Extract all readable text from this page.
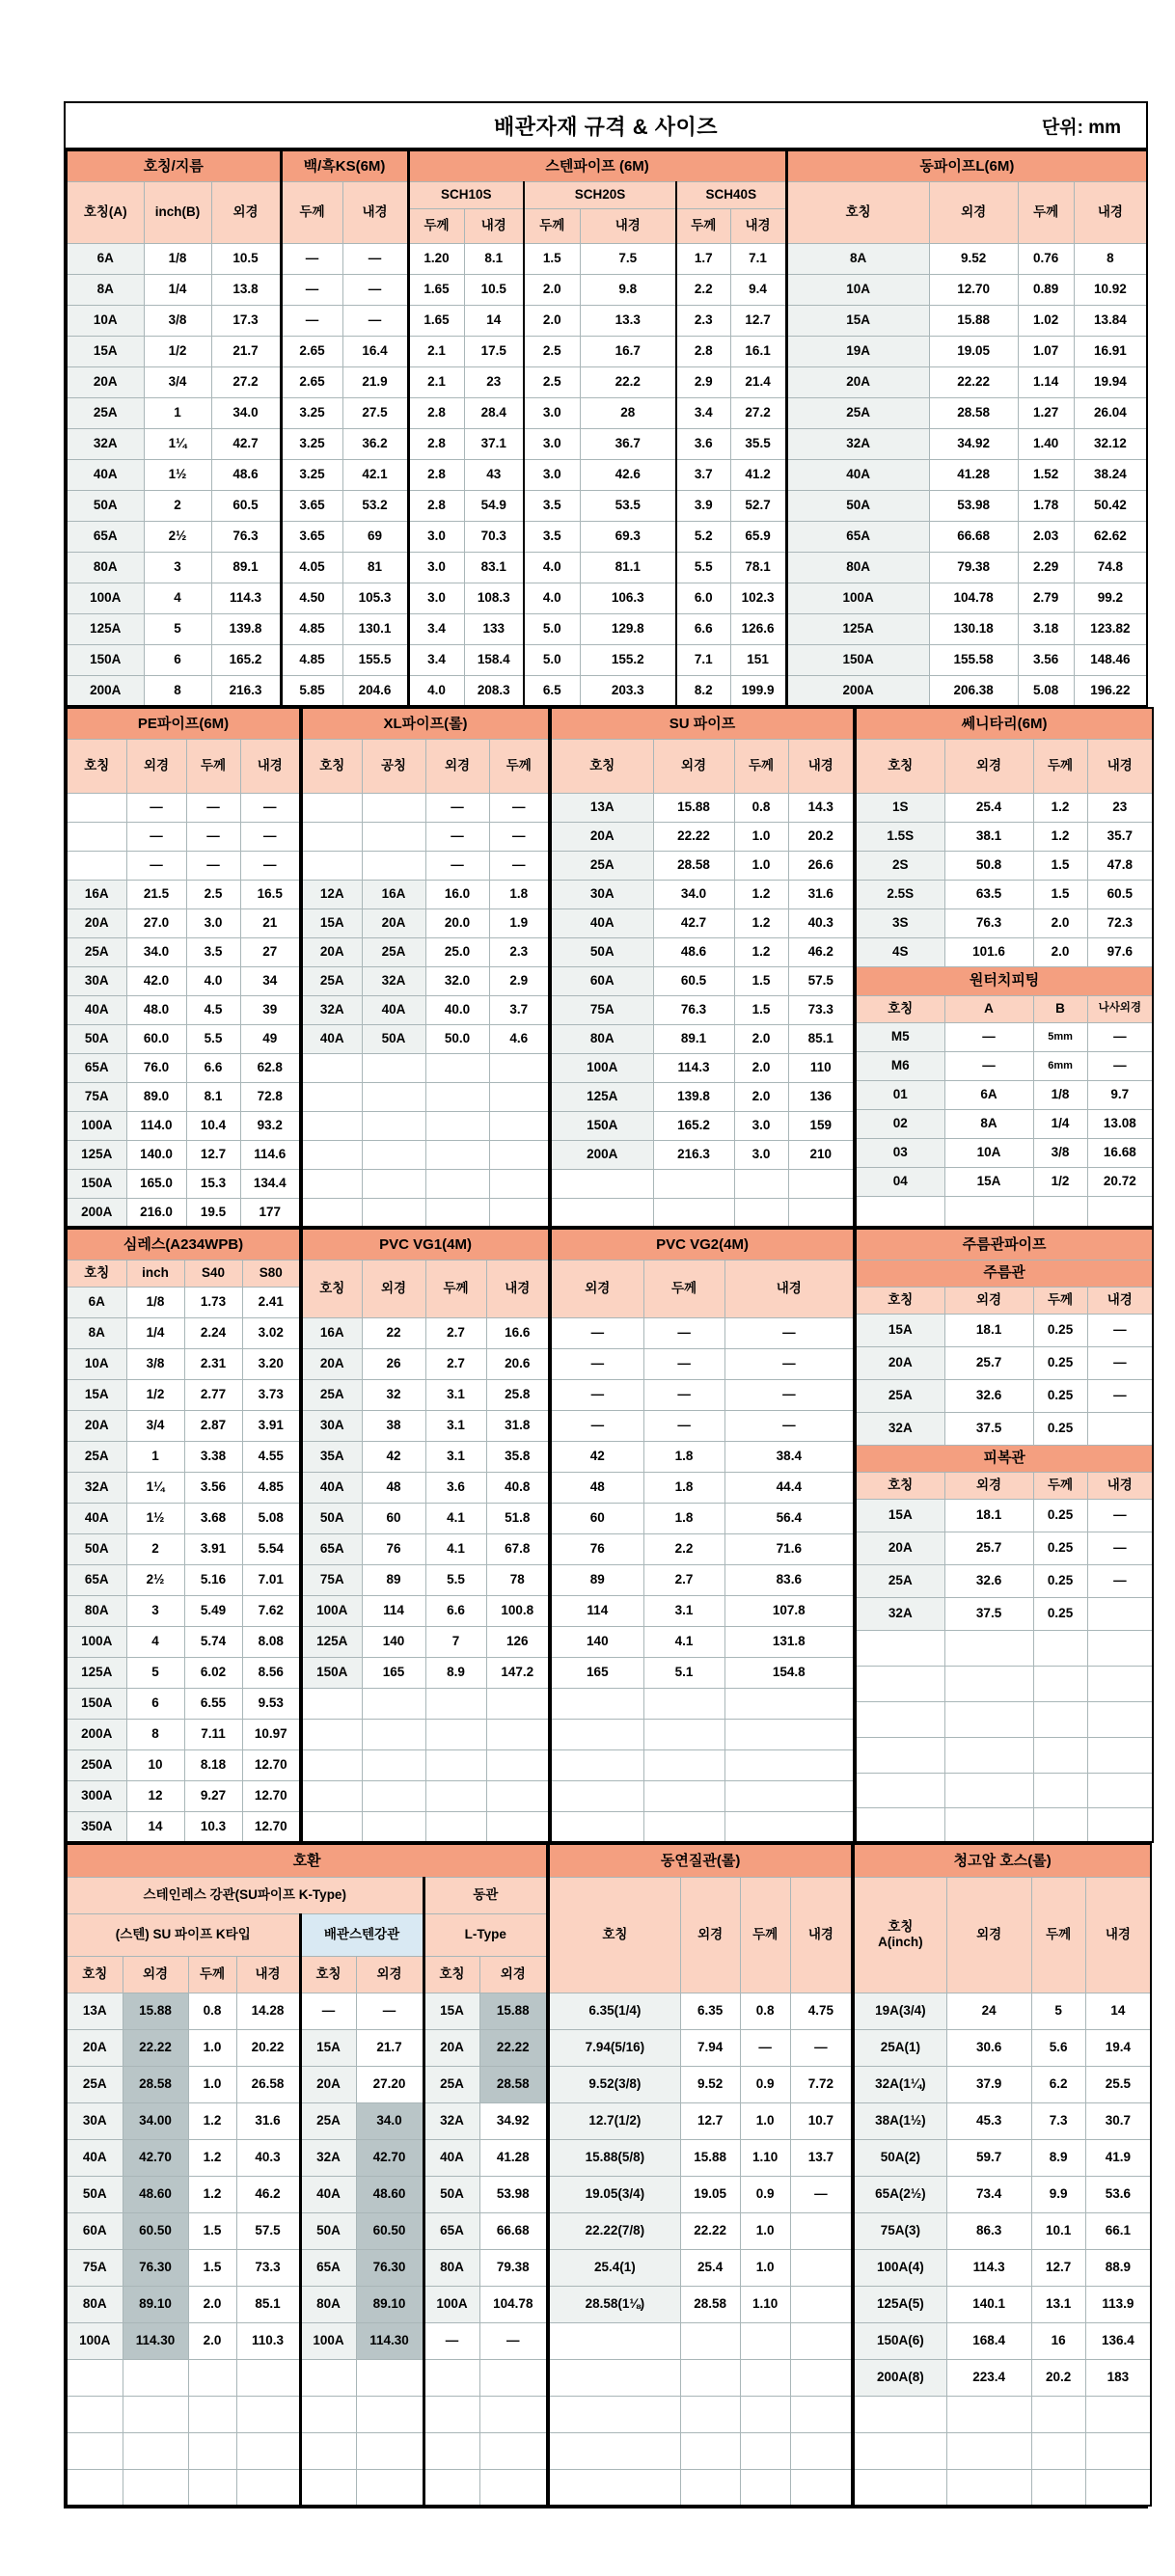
배관자재 규격 & 사이즈	단위: mm
호칭/지름			백/흑KS(6M)		스텐파이프 (6M)						동파이프L(6M)			
호칭(A)	inch(B)	외경	두께	내경	SCH10S		SCH20S		SCH40S		호칭	외경	두께	내경
					두께	내경	두께	내경	두께	내경				
6A	1/8	10.5	—	—	1.20	8.1	1.5	7.5	1.7	7.1	8A	9.52	0.76	8
8A	1/4	13.8	—	—	1.65	10.5	2.0	9.8	2.2	9.4	10A	12.70	0.89	10.92
10A	3/8	17.3	—	—	1.65	14	2.0	13.3	2.3	12.7	15A	15.88	1.02	13.84
15A	1/2	21.7	2.65	16.4	2.1	17.5	2.5	16.7	2.8	16.1	19A	19.05	1.07	16.91
20A	3/4	27.2	2.65	21.9	2.1	23	2.5	22.2	2.9	21.4	20A	22.22	1.14	19.94
25A	1	34.0	3.25	27.5	2.8	28.4	3.0	28	3.4	27.2	25A	28.58	1.27	26.04
32A	1¼	42.7	3.25	36.2	2.8	37.1	3.0	36.7	3.6	35.5	32A	34.92	1.40	32.12
40A	1½	48.6	3.25	42.1	2.8	43	3.0	42.6	3.7	41.2	40A	41.28	1.52	38.24
50A	2	60.5	3.65	53.2	2.8	54.9	3.5	53.5	3.9	52.7	50A	53.98	1.78	50.42
65A	2½	76.3	3.65	69	3.0	70.3	3.5	69.3	5.2	65.9	65A	66.68	2.03	62.62
80A	3	89.1	4.05	81	3.0	83.1	4.0	81.1	5.5	78.1	80A	79.38	2.29	74.8
100A	4	114.3	4.50	105.3	3.0	108.3	4.0	106.3	6.0	102.3	100A	104.78	2.79	99.2
125A	5	139.8	4.85	130.1	3.4	133	5.0	129.8	6.6	126.6	125A	130.18	3.18	123.82
150A	6	165.2	4.85	155.5	3.4	158.4	5.0	155.2	7.1	151	150A	155.58	3.56	148.46
200A	8	216.3	5.85	204.6	4.0	208.3	6.5	203.3	8.2	199.9	200A	206.38	5.08	196.22
PE파이프(6M)			
호칭	외경	두께	내경
	—	—	—
	—	—	—
	—	—	—
16A	21.5	2.5	16.5
20A	27.0	3.0	21
25A	34.0	3.5	27
30A	42.0	4.0	34
40A	48.0	4.5	39
50A	60.0	5.5	49
65A	76.0	6.6	62.8
75A	89.0	8.1	72.8
100A	114.0	10.4	93.2
125A	140.0	12.7	114.6
150A	165.0	15.3	134.4
200A	216.0	19.5	177
XL파이프(롤)			
호칭	공칭	외경	두께
		—	—
		—	—
		—	—
12A	16A	16.0	1.8
15A	20A	20.0	1.9
20A	25A	25.0	2.3
25A	32A	32.0	2.9
32A	40A	40.0	3.7
40A	50A	50.0	4.6

SU 파이프			
호칭	외경	두께	내경
13A	15.88	0.8	14.3
20A	22.22	1.0	20.2
25A	28.58	1.0	26.6
30A	34.0	1.2	31.6
40A	42.7	1.2	40.3
50A	48.6	1.2	46.2
60A	60.5	1.5	57.5
75A	76.3	1.5	73.3
80A	89.1	2.0	85.1
100A	114.3	2.0	110
125A	139.8	2.0	136
150A	165.2	3.0	159
200A	216.3	3.0	210

쎄니타리(6M)			
호칭	외경	두께	내경
1S	25.4	1.2	23
1.5S	38.1	1.2	35.7
2S	50.8	1.5	47.8
2.5S	63.5	1.5	60.5
3S	76.3	2.0	72.3
4S	101.6	2.0	97.6
원터치피팅			
호칭	A	B	나사외경
M5	—	5mm	—
M6	—	6mm	—
01	6A	1/8	9.7
02	8A	1/4	13.08
03	10A	3/8	16.68
04	15A	1/2	20.72

심레스(A234WPB)			
호칭	inch	S40	S80
6A	1/8	1.73	2.41
8A	1/4	2.24	3.02
10A	3/8	2.31	3.20
15A	1/2	2.77	3.73
20A	3/4	2.87	3.91
25A	1	3.38	4.55
32A	1¼	3.56	4.85
40A	1½	3.68	5.08
50A	2	3.91	5.54
65A	2½	5.16	7.01
80A	3	5.49	7.62
100A	4	5.74	8.08
125A	5	6.02	8.56
150A	6	6.55	9.53
200A	8	7.11	10.97
250A	10	8.18	12.70
300A	12	9.27	12.70
350A	14	10.3	12.70
PVC VG1(4M)			
호칭	외경	두께	내경
16A	22	2.7	16.6
20A	26	2.7	20.6
25A	32	3.1	25.8
30A	38	3.1	31.8
35A	42	3.1	35.8
40A	48	3.6	40.8
50A	60	4.1	51.8
65A	76	4.1	67.8
75A	89	5.5	78
100A	114	6.6	100.8
125A	140	7	126
150A	165	8.9	147.2

PVC VG2(4M)		
외경	두께	내경
—	—	—
—	—	—
—	—	—
—	—	—
42	1.8	38.4
48	1.8	44.4
60	1.8	56.4
76	2.2	71.6
89	2.7	83.6
114	3.1	107.8
140	4.1	131.8
165	5.1	154.8

주름관파이프			
주름관			
호칭	외경	두께	내경
15A	18.1	0.25	—
20A	25.7	0.25	—
25A	32.6	0.25	—
32A	37.5	0.25	
피복관			
호칭	외경	두께	내경
15A	18.1	0.25	—
20A	25.7	0.25	—
25A	32.6	0.25	—
32A	37.5	0.25	

호환							
스테인레스 강관(SU파이프 K-Type)						동관	
(스텐) SU 파이프 K타입				배관스텐강관		L-Type	
호칭	외경	두께	내경	호칭	외경	호칭	외경
13A	15.88	0.8	14.28	—	—	15A	15.88
20A	22.22	1.0	20.22	15A	21.7	20A	22.22
25A	28.58	1.0	26.58	20A	27.20	25A	28.58
30A	34.00	1.2	31.6	25A	34.0	32A	34.92
40A	42.70	1.2	40.3	32A	42.70	40A	41.28
50A	48.60	1.2	46.2	40A	48.60	50A	53.98
60A	60.50	1.5	57.5	50A	60.50	65A	66.68
75A	76.30	1.5	73.3	65A	76.30	80A	79.38
80A	89.10	2.0	85.1	80A	89.10	100A	104.78
100A	114.30	2.0	110.3	100A	114.30	—	—

동연질관(롤)			
호칭	외경	두께	내경
6.35(1/4)	6.35	0.8	4.75
7.94(5/16)	7.94	—	—
9.52(3/8)	9.52	0.9	7.72
12.7(1/2)	12.7	1.0	10.7
15.88(5/8)	15.88	1.10	13.7
19.05(3/4)	19.05	0.9	—
22.22(7/8)	22.22	1.0	
25.4(1)	25.4	1.0	
28.58(1⅛)	28.58	1.10	

청고압 호스(롤)			

호칭
A(inch)	외경	두께	내경
19A(3/4)	24	5	14
25A(1)	30.6	5.6	19.4
32A(1¼)	37.9	6.2	25.5
38A(1½)	45.3	7.3	30.7
50A(2)	59.7	8.9	41.9
65A(2½)	73.4	9.9	53.6
75A(3)	86.3	10.1	66.1
100A(4)	114.3	12.7	88.9
125A(5)	140.1	13.1	113.9
150A(6)	168.4	16	136.4
200A(8)	223.4	20.2	183
